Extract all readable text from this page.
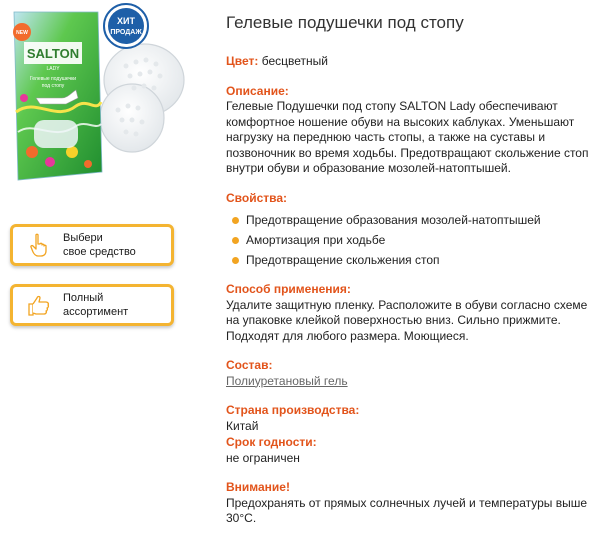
SALTON
LADY
Гелевые подушечки
под стопу
NEW
ХИТ
ПРОДАЖ
Выбери
свое средство
Полный
ассортимент
Гелевые подушечки под стопу
Цвет: бесцветный
Описание:

Гелевые Подушечки под стопу SALTON Lady обеспечивают комфортное ношение обуви на высоких каблуках. Уменьшают нагрузку на переднюю часть стопы, а также на суставы и позвоночник во время ходьбы. Предотвращают скольжение стоп внутри обуви и образование мозолей-натоптышей.

Свойства:
Предотвращение образования мозолей-натоптышей
Амортизация при ходьбе
Предотвращение скольжения стоп
Способ применения:

Удалите защитную пленку. Расположите в обуви согласно схеме на упаковке клейкой поверхностью вниз. Сильно прижмите. Подходят для любого размера. Моющиеся.

Состав:
Полиуретановый гель
Страна производства:
Китай
Срок годности:
не ограничен
Внимание!

Предохранять от прямых солнечных лучей и температуры выше 30°С.
